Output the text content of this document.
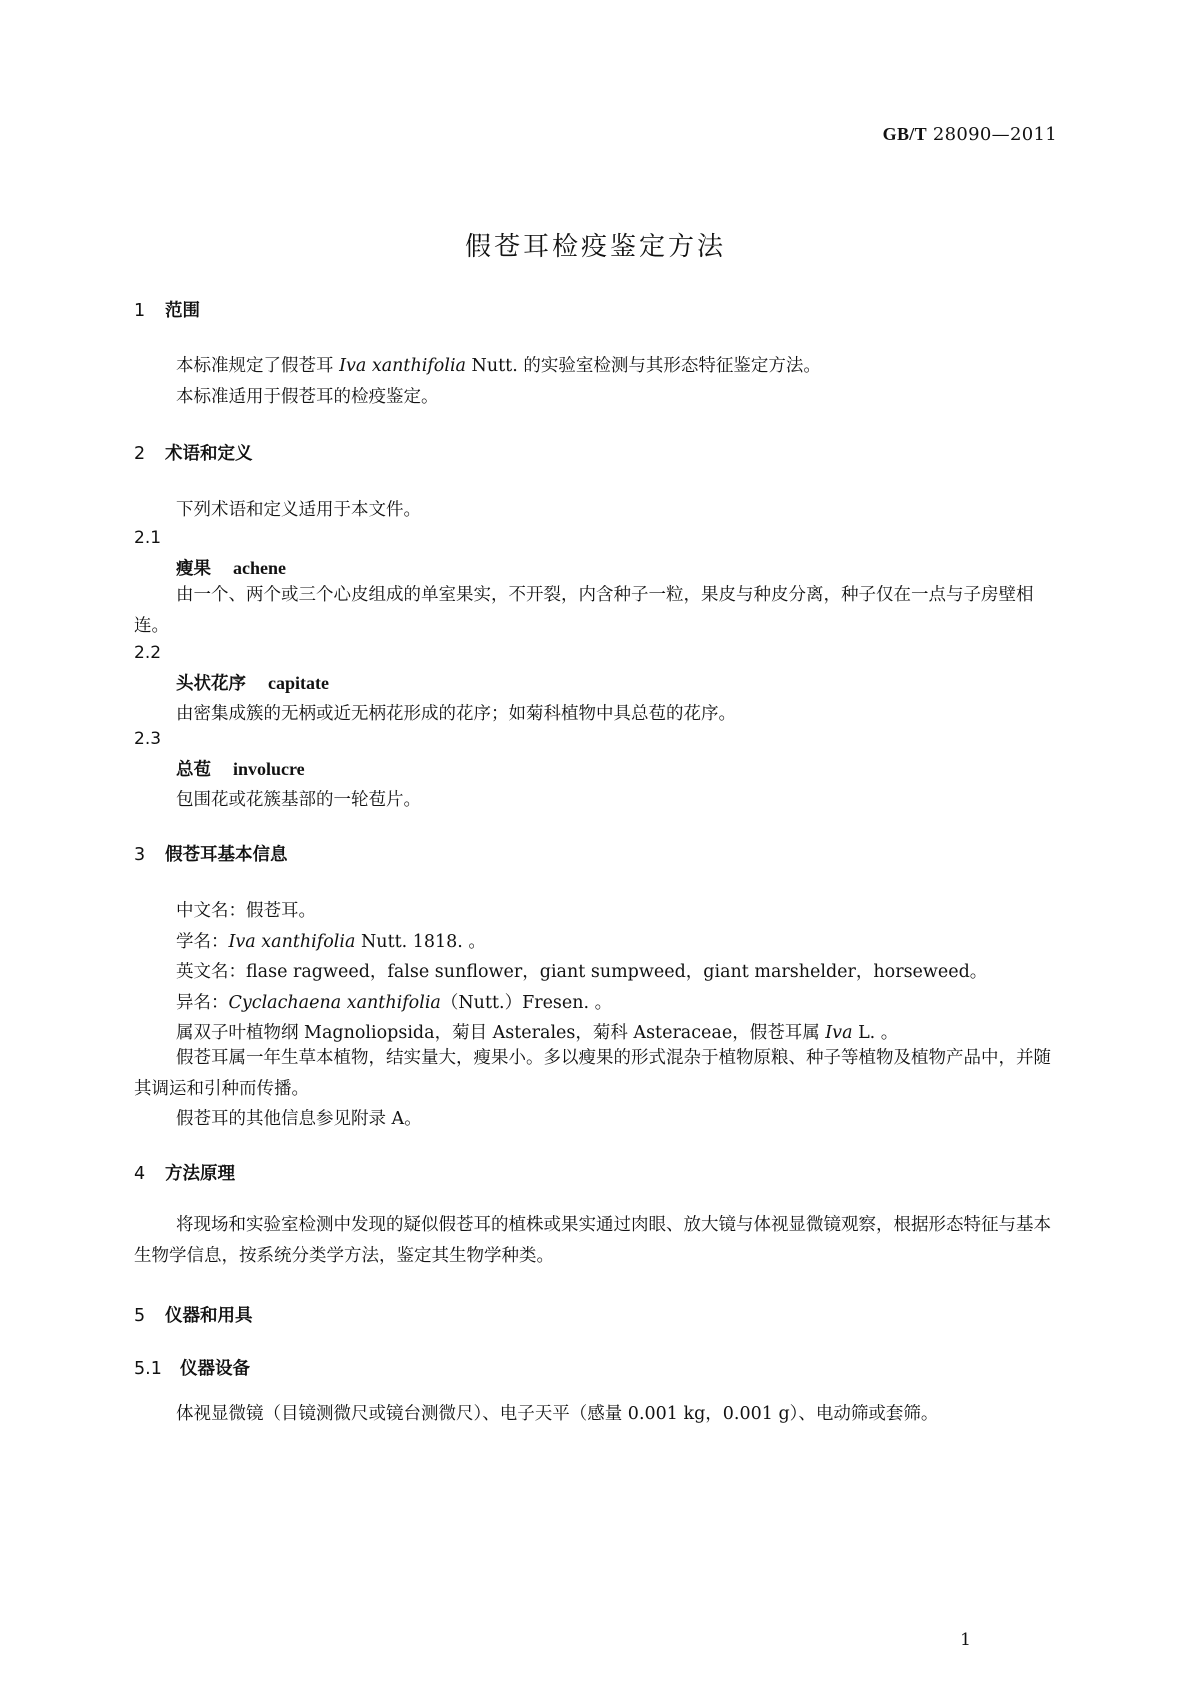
GB/T 28090—2011
假苍耳检疫鉴定方法
1 范围
本标准规定了假苍耳 Iva xanthifolia Nutt. 的实验室检测与其形态特征鉴定方法。
本标准适用于假苍耳的检疫鉴定。
2 术语和定义
下列术语和定义适用于本文件。
2.1
瘦果 achene
由一个、两个或三个心皮组成的单室果实，不开裂，内含种子一粒，果皮与种皮分离，种子仅在一点与子房壁相连。
2.2
头状花序 capitate
由密集成簇的无柄或近无柄花形成的花序；如菊科植物中具总苞的花序。
2.3
总苞 involucre
包围花或花簇基部的一轮苞片。
3 假苍耳基本信息
中文名：假苍耳。
学名：Iva xanthifolia Nutt. 1818. 。
英文名：flase ragweed，false sunflower，giant sumpweed，giant marshelder，horseweed。
异名：Cyclachaena xanthifolia（Nutt.）Fresen. 。
属双子叶植物纲 Magnoliopsida，菊目 Asterales，菊科 Asteraceae，假苍耳属 Iva L. 。
假苍耳属一年生草本植物，结实量大，瘦果小。多以瘦果的形式混杂于植物原粮、种子等植物及植物产品中，并随其调运和引种而传播。
假苍耳的其他信息参见附录 A。
4 方法原理
将现场和实验室检测中发现的疑似假苍耳的植株或果实通过肉眼、放大镜与体视显微镜观察，根据形态特征与基本生物学信息，按系统分类学方法，鉴定其生物学种类。
5 仪器和用具
5.1 仪器设备
体视显微镜（目镜测微尺或镜台测微尺）、电子天平（感量 0.001 kg，0.001 g）、电动筛或套筛。
1
